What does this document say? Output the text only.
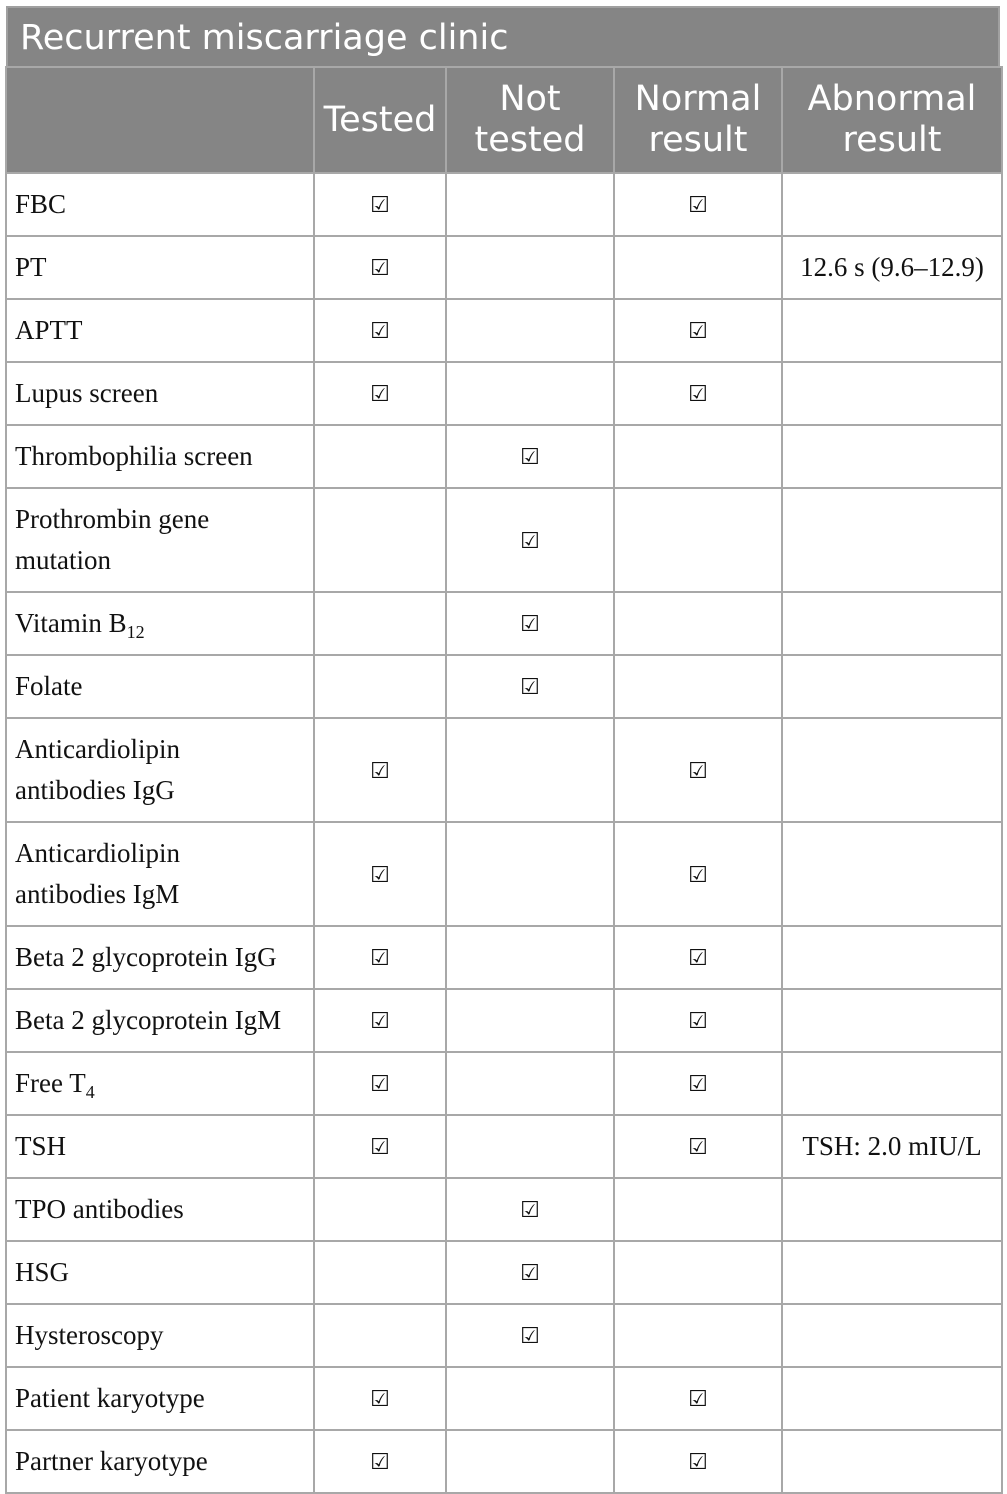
Recurrent miscarriage clinic
	Tested	Not tested	Normal result	Abnormal result
FBC	☑		☑	
PT	☑			12.6 s (9.6–12.9)
APTT	☑		☑	
Lupus screen	☑		☑	
Thrombophilia screen		☑		
Prothrombin gene
mutation		☑		
Vitamin $B_{12}$		☑		
Folate		☑		
Anticardiolipin
antibodies IgG	☑		☑	
Anticardiolipin
antibodies IgM	☑		☑	
Beta 2 glycoprotein IgG	☑		☑	
Beta 2 glycoprotein IgM	☑		☑	
Free $T_4$	☑		☑	
TSH	☑		☑	TSH: 2.0 mIU/L
TPO antibodies		☑		
HSG		☑		
Hysteroscopy		☑		
Patient karyotype	☑		☑	
Partner karyotype	☑		☑	
